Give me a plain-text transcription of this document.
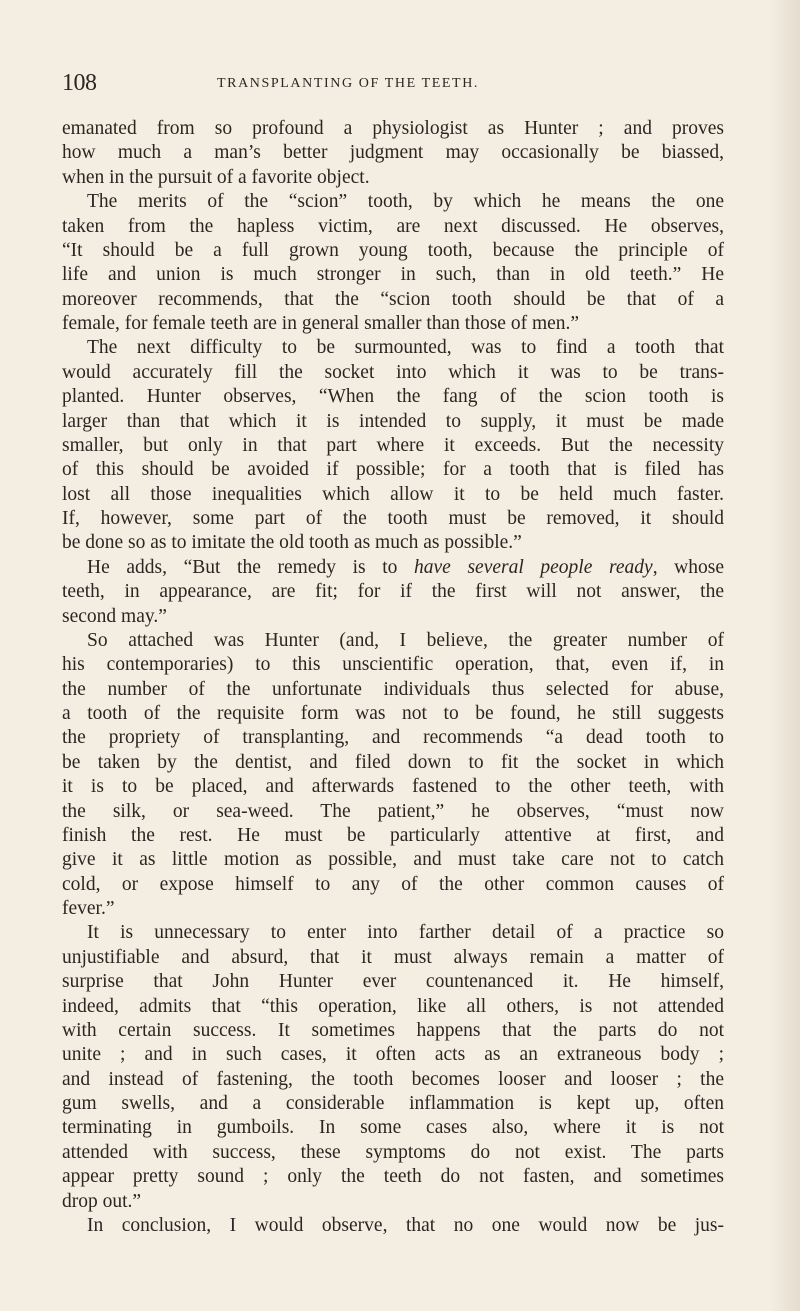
108	TRANSPLANTING OF THE TEETH.
emanated from so profound a physiologist as Hunter ; and proves
how much a man’s better judgment may occasionally be biassed,
when in the pursuit of a favorite object.
The merits of the “scion” tooth, by which he means the one
taken from the hapless victim, are next discussed. He observes,
“It should be a full grown young tooth, because the principle of
life and union is much stronger in such, than in old teeth.” He
moreover recommends, that the “scion tooth should be that of a
female, for female teeth are in general smaller than those of men.”
The next difficulty to be surmounted, was to find a tooth that
would accurately fill the socket into which it was to be trans-
planted. Hunter observes, “When the fang of the scion tooth is
larger than that which it is intended to supply, it must be made
smaller, but only in that part where it exceeds. But the necessity
of this should be avoided if possible; for a tooth that is filed has
lost all those inequalities which allow it to be held much faster.
If, however, some part of the tooth must be removed, it should
be done so as to imitate the old tooth as much as possible.”
He adds, “But the remedy is to have several people ready, whose
teeth, in appearance, are fit; for if the first will not answer, the
second may.”
So attached was Hunter (and, I believe, the greater number of
his contemporaries) to this unscientific operation, that, even if, in
the number of the unfortunate individuals thus selected for abuse,
a tooth of the requisite form was not to be found, he still suggests
the propriety of transplanting, and recommends “a dead tooth to
be taken by the dentist, and filed down to fit the socket in which
it is to be placed, and afterwards fastened to the other teeth, with
the silk, or sea-weed. The patient,” he observes, “must now
finish the rest. He must be particularly attentive at first, and
give it as little motion as possible, and must take care not to catch
cold, or expose himself to any of the other common causes of
fever.”
It is unnecessary to enter into farther detail of a practice so
unjustifiable and absurd, that it must always remain a matter of
surprise that John Hunter ever countenanced it. He himself,
indeed, admits that “this operation, like all others, is not attended
with certain success. It sometimes happens that the parts do not
unite ; and in such cases, it often acts as an extraneous body ;
and instead of fastening, the tooth becomes looser and looser ; the
gum swells, and a considerable inflammation is kept up, often
terminating in gumboils. In some cases also, where it is not
attended with success, these symptoms do not exist. The parts
appear pretty sound ; only the teeth do not fasten, and sometimes
drop out.”
In conclusion, I would observe, that no one would now be jus-
